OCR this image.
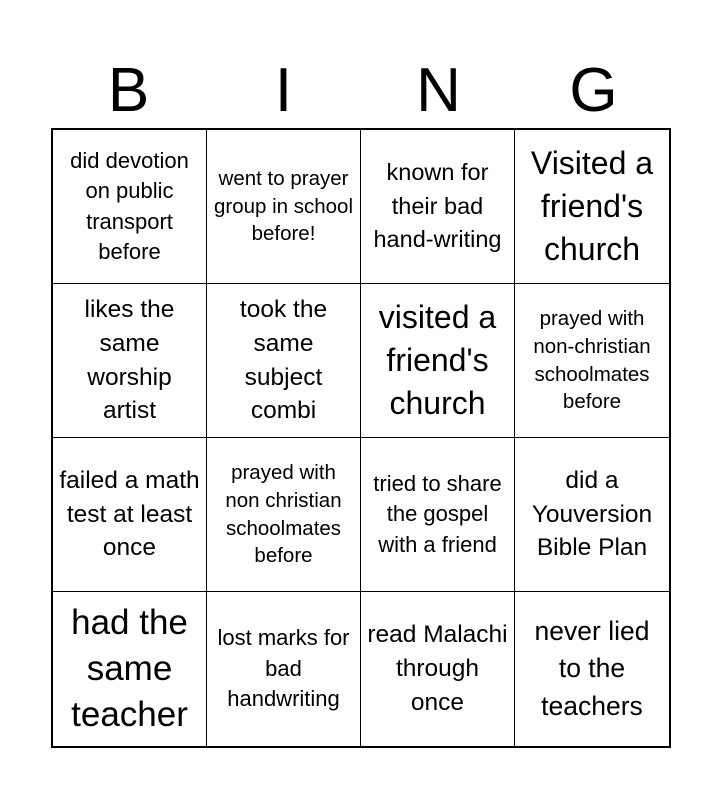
B	I	N	G
did devotion on public transport before
went to prayer group in school before!
known for their bad hand-writing
Visited a friend's church
likes the same worship artist
took the same subject combi
visited a friend's church
prayed with non-christian schoolmates before
failed a math test at least once
prayed with non christian schoolmates before
tried to share the gospel with a friend
did a Youversion Bible Plan
had the same teacher
lost marks for bad handwriting
read Malachi through once
never lied to the teachers
